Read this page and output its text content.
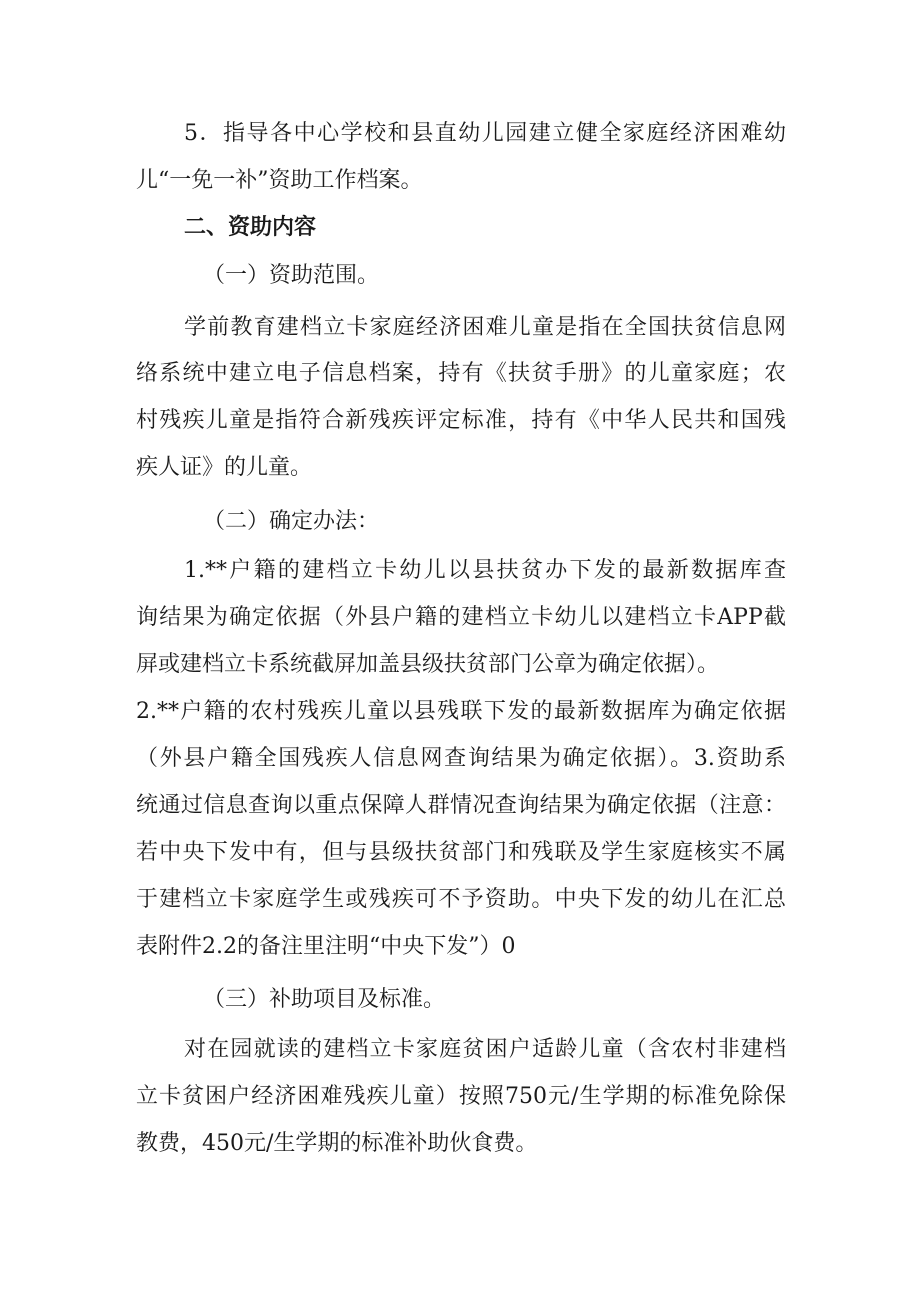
5．指导各中心学校和县直幼儿园建立健全家庭经济困难幼
儿“一免一补”资助工作档案。
二、资助内容
（一）资助范围。
学前教育建档立卡家庭经济困难儿童是指在全国扶贫信息网
络系统中建立电子信息档案，持有《扶贫手册》的儿童家庭；农
村残疾儿童是指符合新残疾评定标准，持有《中华人民共和国残
疾人证》的儿童。
（二）确定办法：
1.**户籍的建档立卡幼儿以县扶贫办下发的最新数据库查
询结果为确定依据（外县户籍的建档立卡幼儿以建档立卡APP截
屏或建档立卡系统截屏加盖县级扶贫部门公章为确定依据）。
2.**户籍的农村残疾儿童以县残联下发的最新数据库为确定依据
（外县户籍全国残疾人信息网查询结果为确定依据）。3.资助系
统通过信息查询以重点保障人群情况查询结果为确定依据（注意：
若中央下发中有，但与县级扶贫部门和残联及学生家庭核实不属
于建档立卡家庭学生或残疾可不予资助。中央下发的幼儿在汇总
表附件2.2的备注里注明“中央下发”）0
（三）补助项目及标准。
对在园就读的建档立卡家庭贫困户适龄儿童（含农村非建档
立卡贫困户经济困难残疾儿童）按照750元/生学期的标准免除保
教费，450元/生学期的标准补助伙食费。
